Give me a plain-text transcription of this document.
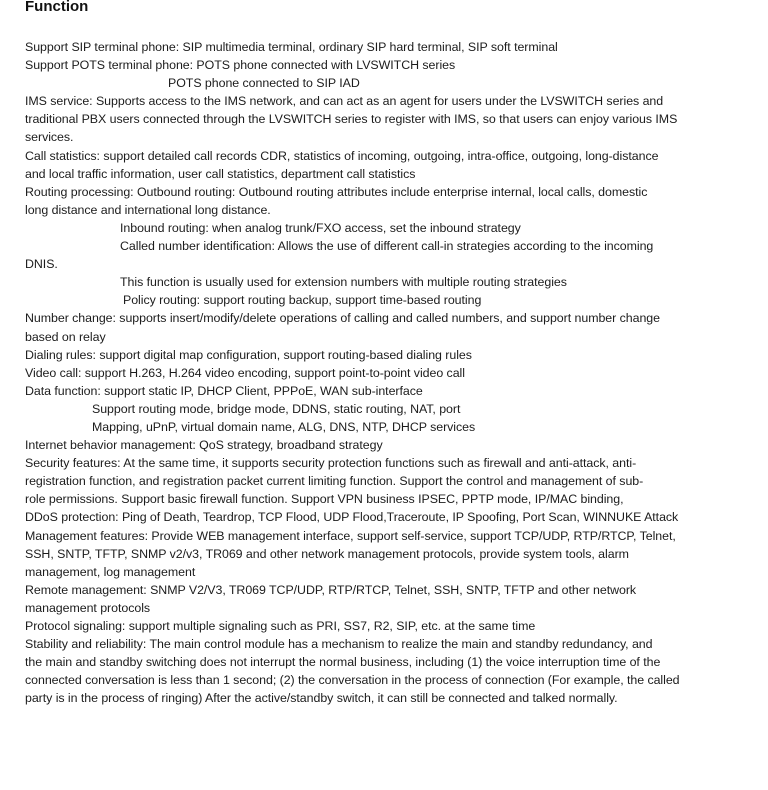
Function
Support SIP terminal phone: SIP multimedia terminal, ordinary SIP hard terminal, SIP soft terminal
Support POTS terminal phone: POTS phone connected with LVSWITCH series
POTS phone connected to SIP IAD
IMS service: Supports access to the IMS network, and can act as an agent for users under the LVSWITCH series and
traditional PBX users connected through the LVSWITCH series to register with IMS, so that users can enjoy various IMS
services.
Call statistics: support detailed call records CDR, statistics of incoming, outgoing, intra-office, outgoing, long-distance
and local traffic information, user call statistics, department call statistics
Routing processing: Outbound routing: Outbound routing attributes include enterprise internal, local calls, domestic
long distance and international long distance.
Inbound routing: when analog trunk/FXO access, set the inbound strategy
Called number identification: Allows the use of different call-in strategies according to the incoming
DNIS.
This function is usually used for extension numbers with multiple routing strategies
Policy routing: support routing backup, support time-based routing
Number change: supports insert/modify/delete operations of calling and called numbers, and support number change
based on relay
Dialing rules: support digital map configuration, support routing-based dialing rules
Video call: support H.263, H.264 video encoding, support point-to-point video call
Data function: support static IP, DHCP Client, PPPoE, WAN sub-interface
Support routing mode, bridge mode, DDNS, static routing, NAT, port
Mapping, uPnP, virtual domain name, ALG, DNS, NTP, DHCP services
Internet behavior management: QoS strategy, broadband strategy
Security features: At the same time, it supports security protection functions such as firewall and anti-attack, anti-
registration function, and registration packet current limiting function. Support the control and management of sub-
role permissions. Support basic firewall function. Support VPN business IPSEC, PPTP mode, IP/MAC binding,
DDoS protection: Ping of Death, Teardrop, TCP Flood, UDP Flood,Traceroute, IP Spoofing, Port Scan, WINNUKE Attack
Management features: Provide WEB management interface, support self-service, support TCP/UDP, RTP/RTCP, Telnet,
SSH, SNTP, TFTP, SNMP v2/v3, TR069 and other network management protocols, provide system tools, alarm
management, log management
Remote management: SNMP V2/V3, TR069 TCP/UDP, RTP/RTCP, Telnet, SSH, SNTP, TFTP and other network
management protocols
Protocol signaling: support multiple signaling such as PRI, SS7, R2, SIP, etc. at the same time
Stability and reliability: The main control module has a mechanism to realize the main and standby redundancy, and
the main and standby switching does not interrupt the normal business, including (1) the voice interruption time of the
connected conversation is less than 1 second; (2) the conversation in the process of connection (For example, the called
party is in the process of ringing) After the active/standby switch, it can still be connected and talked normally.
